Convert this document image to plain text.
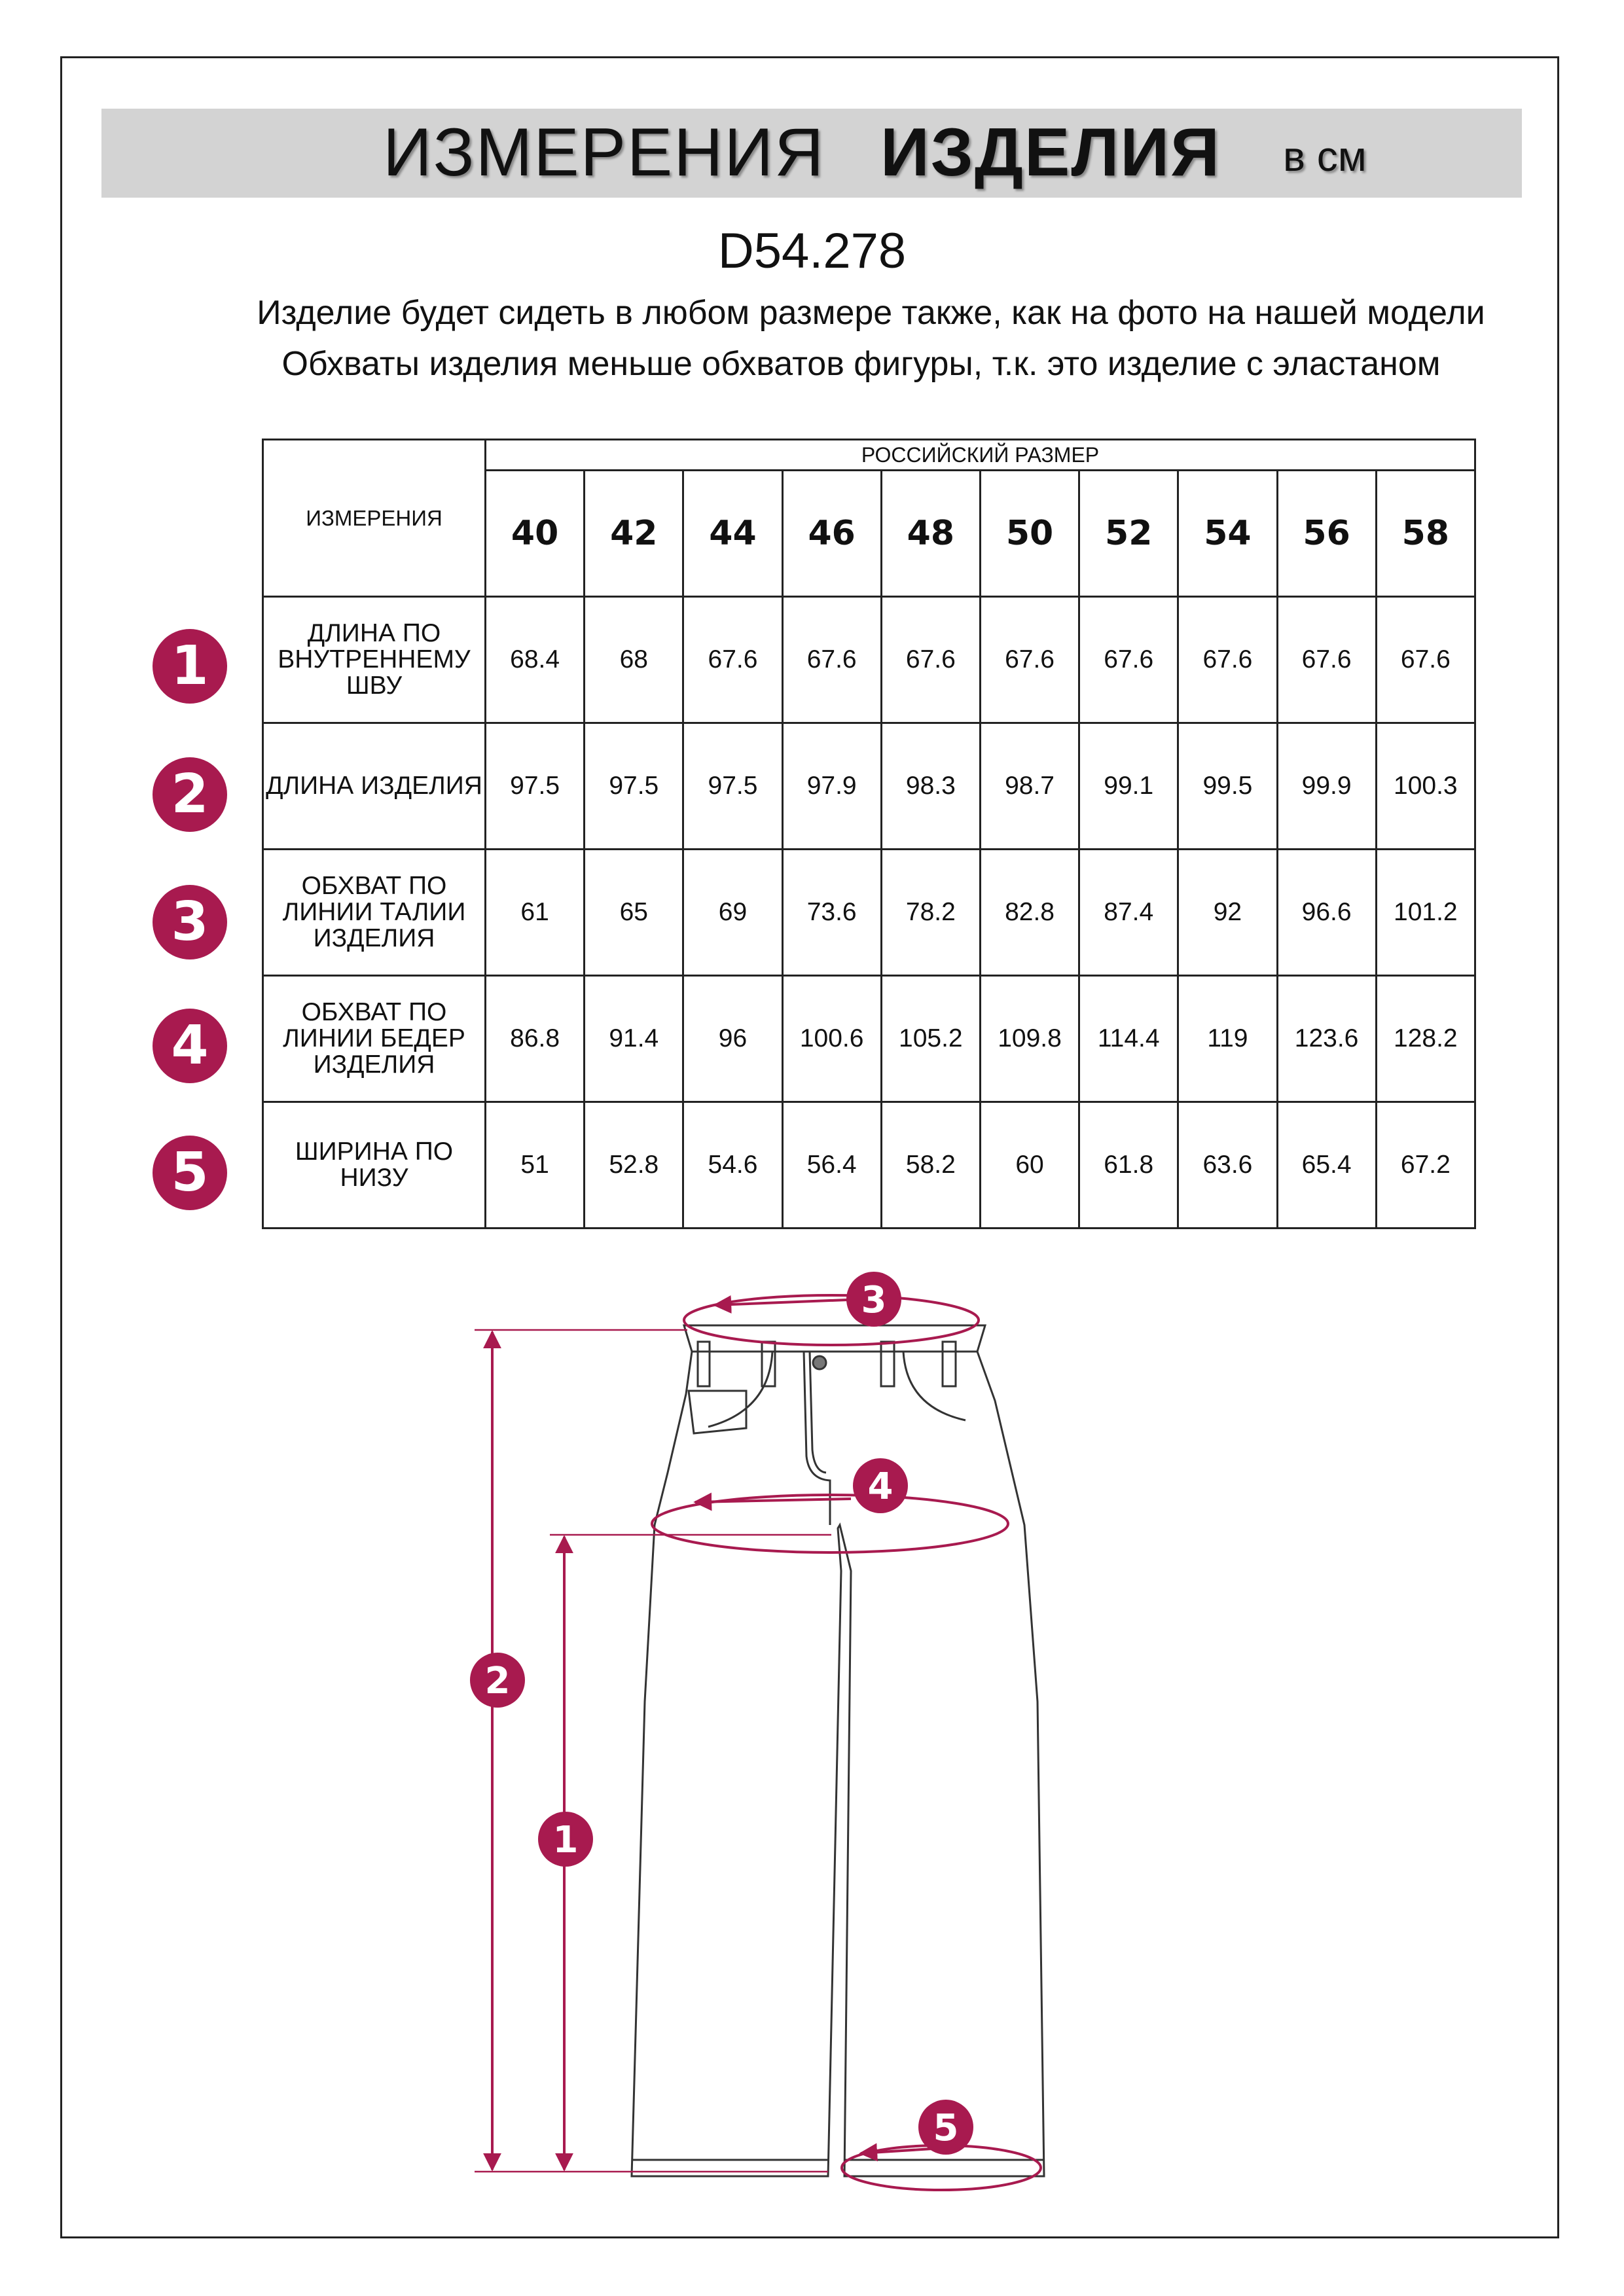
ИЗМЕРЕНИЯ ИЗДЕЛИЯ в см
D54.278
Изделие будет сидеть в любом размере также, как на фото на нашей модели
Обхваты изделия меньше обхватов фигуры, т.к. это изделие с эластаном
ИЗМЕРЕНИЯ	РОССИЙСКИЙ РАЗМЕР									
	40	42	44	46	48	50	52	54	56	58
ДЛИНА ПО ВНУТРЕННЕМУ ШВУ	68.4	68	67.6	67.6	67.6	67.6	67.6	67.6	67.6	67.6
ДЛИНА ИЗДЕЛИЯ	97.5	97.5	97.5	97.9	98.3	98.7	99.1	99.5	99.9	100.3
ОБХВАТ ПО ЛИНИИ ТАЛИИ ИЗДЕЛИЯ	61	65	69	73.6	78.2	82.8	87.4	92	96.6	101.2
ОБХВАТ ПО ЛИНИИ БЕДЕР ИЗДЕЛИЯ	86.8	91.4	96	100.6	105.2	109.8	114.4	119	123.6	128.2
ШИРИНА ПО НИЗУ	51	52.8	54.6	56.4	58.2	60	61.8	63.6	65.4	67.2
1
2
3
4
5
3
4
2
1
5
